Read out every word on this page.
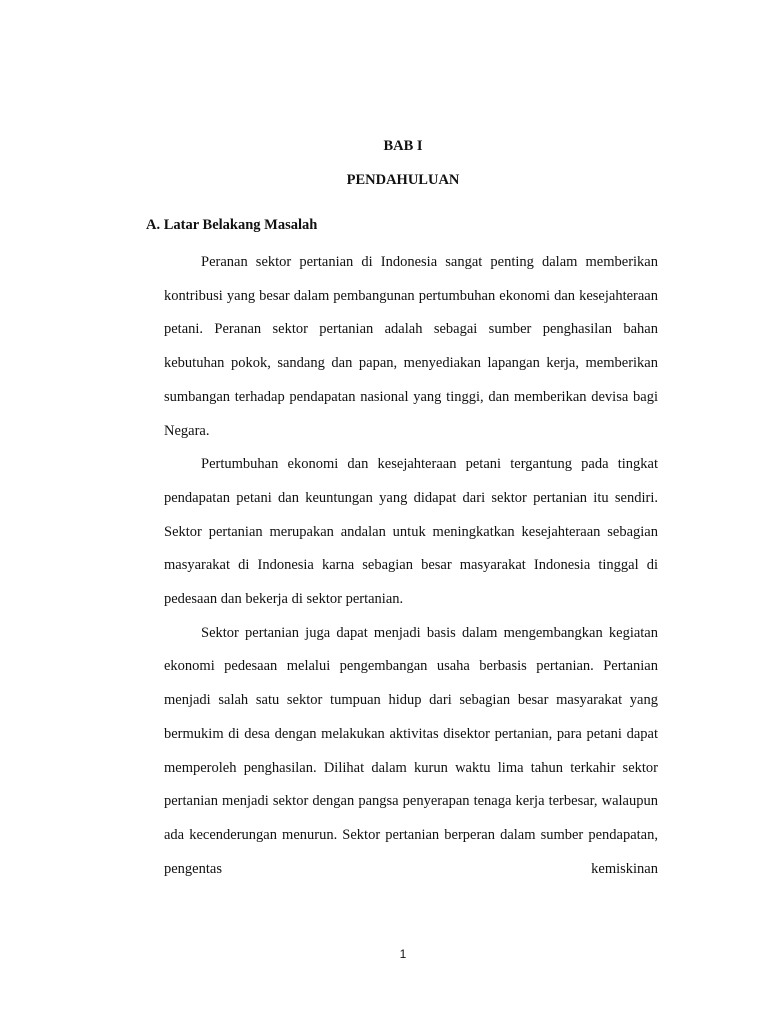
BAB I
PENDAHULUAN
A. Latar Belakang Masalah

Peranan sektor pertanian di Indonesia sangat penting dalam memberikan kontribusi yang besar dalam pembangunan pertumbuhan ekonomi dan kesejahteraan petani. Peranan sektor pertanian adalah sebagai sumber penghasilan bahan kebutuhan pokok, sandang dan papan, menyediakan lapangan kerja, memberikan sumbangan terhadap pendapatan nasional yang tinggi, dan memberikan devisa bagi Negara.

Pertumbuhan ekonomi dan kesejahteraan petani tergantung pada tingkat pendapatan petani dan keuntungan yang didapat dari sektor pertanian itu sendiri. Sektor pertanian merupakan andalan untuk meningkatkan kesejahteraan sebagian masyarakat di Indonesia karna sebagian besar masyarakat Indonesia tinggal di pedesaan dan bekerja di sektor pertanian.

Sektor pertanian juga dapat menjadi basis dalam mengembangkan kegiatan ekonomi pedesaan melalui pengembangan usaha berbasis pertanian. Pertanian menjadi salah satu sektor tumpuan hidup dari sebagian besar masyarakat yang bermukim di desa dengan melakukan aktivitas disektor pertanian, para petani dapat memperoleh penghasilan. Dilihat dalam kurun waktu lima tahun terkahir sektor pertanian menjadi sektor dengan pangsa penyerapan tenaga kerja terbesar, walaupun ada kecenderungan menurun. Sektor pertanian berperan dalam sumber pendapatan, pengentas kemiskinan

1
